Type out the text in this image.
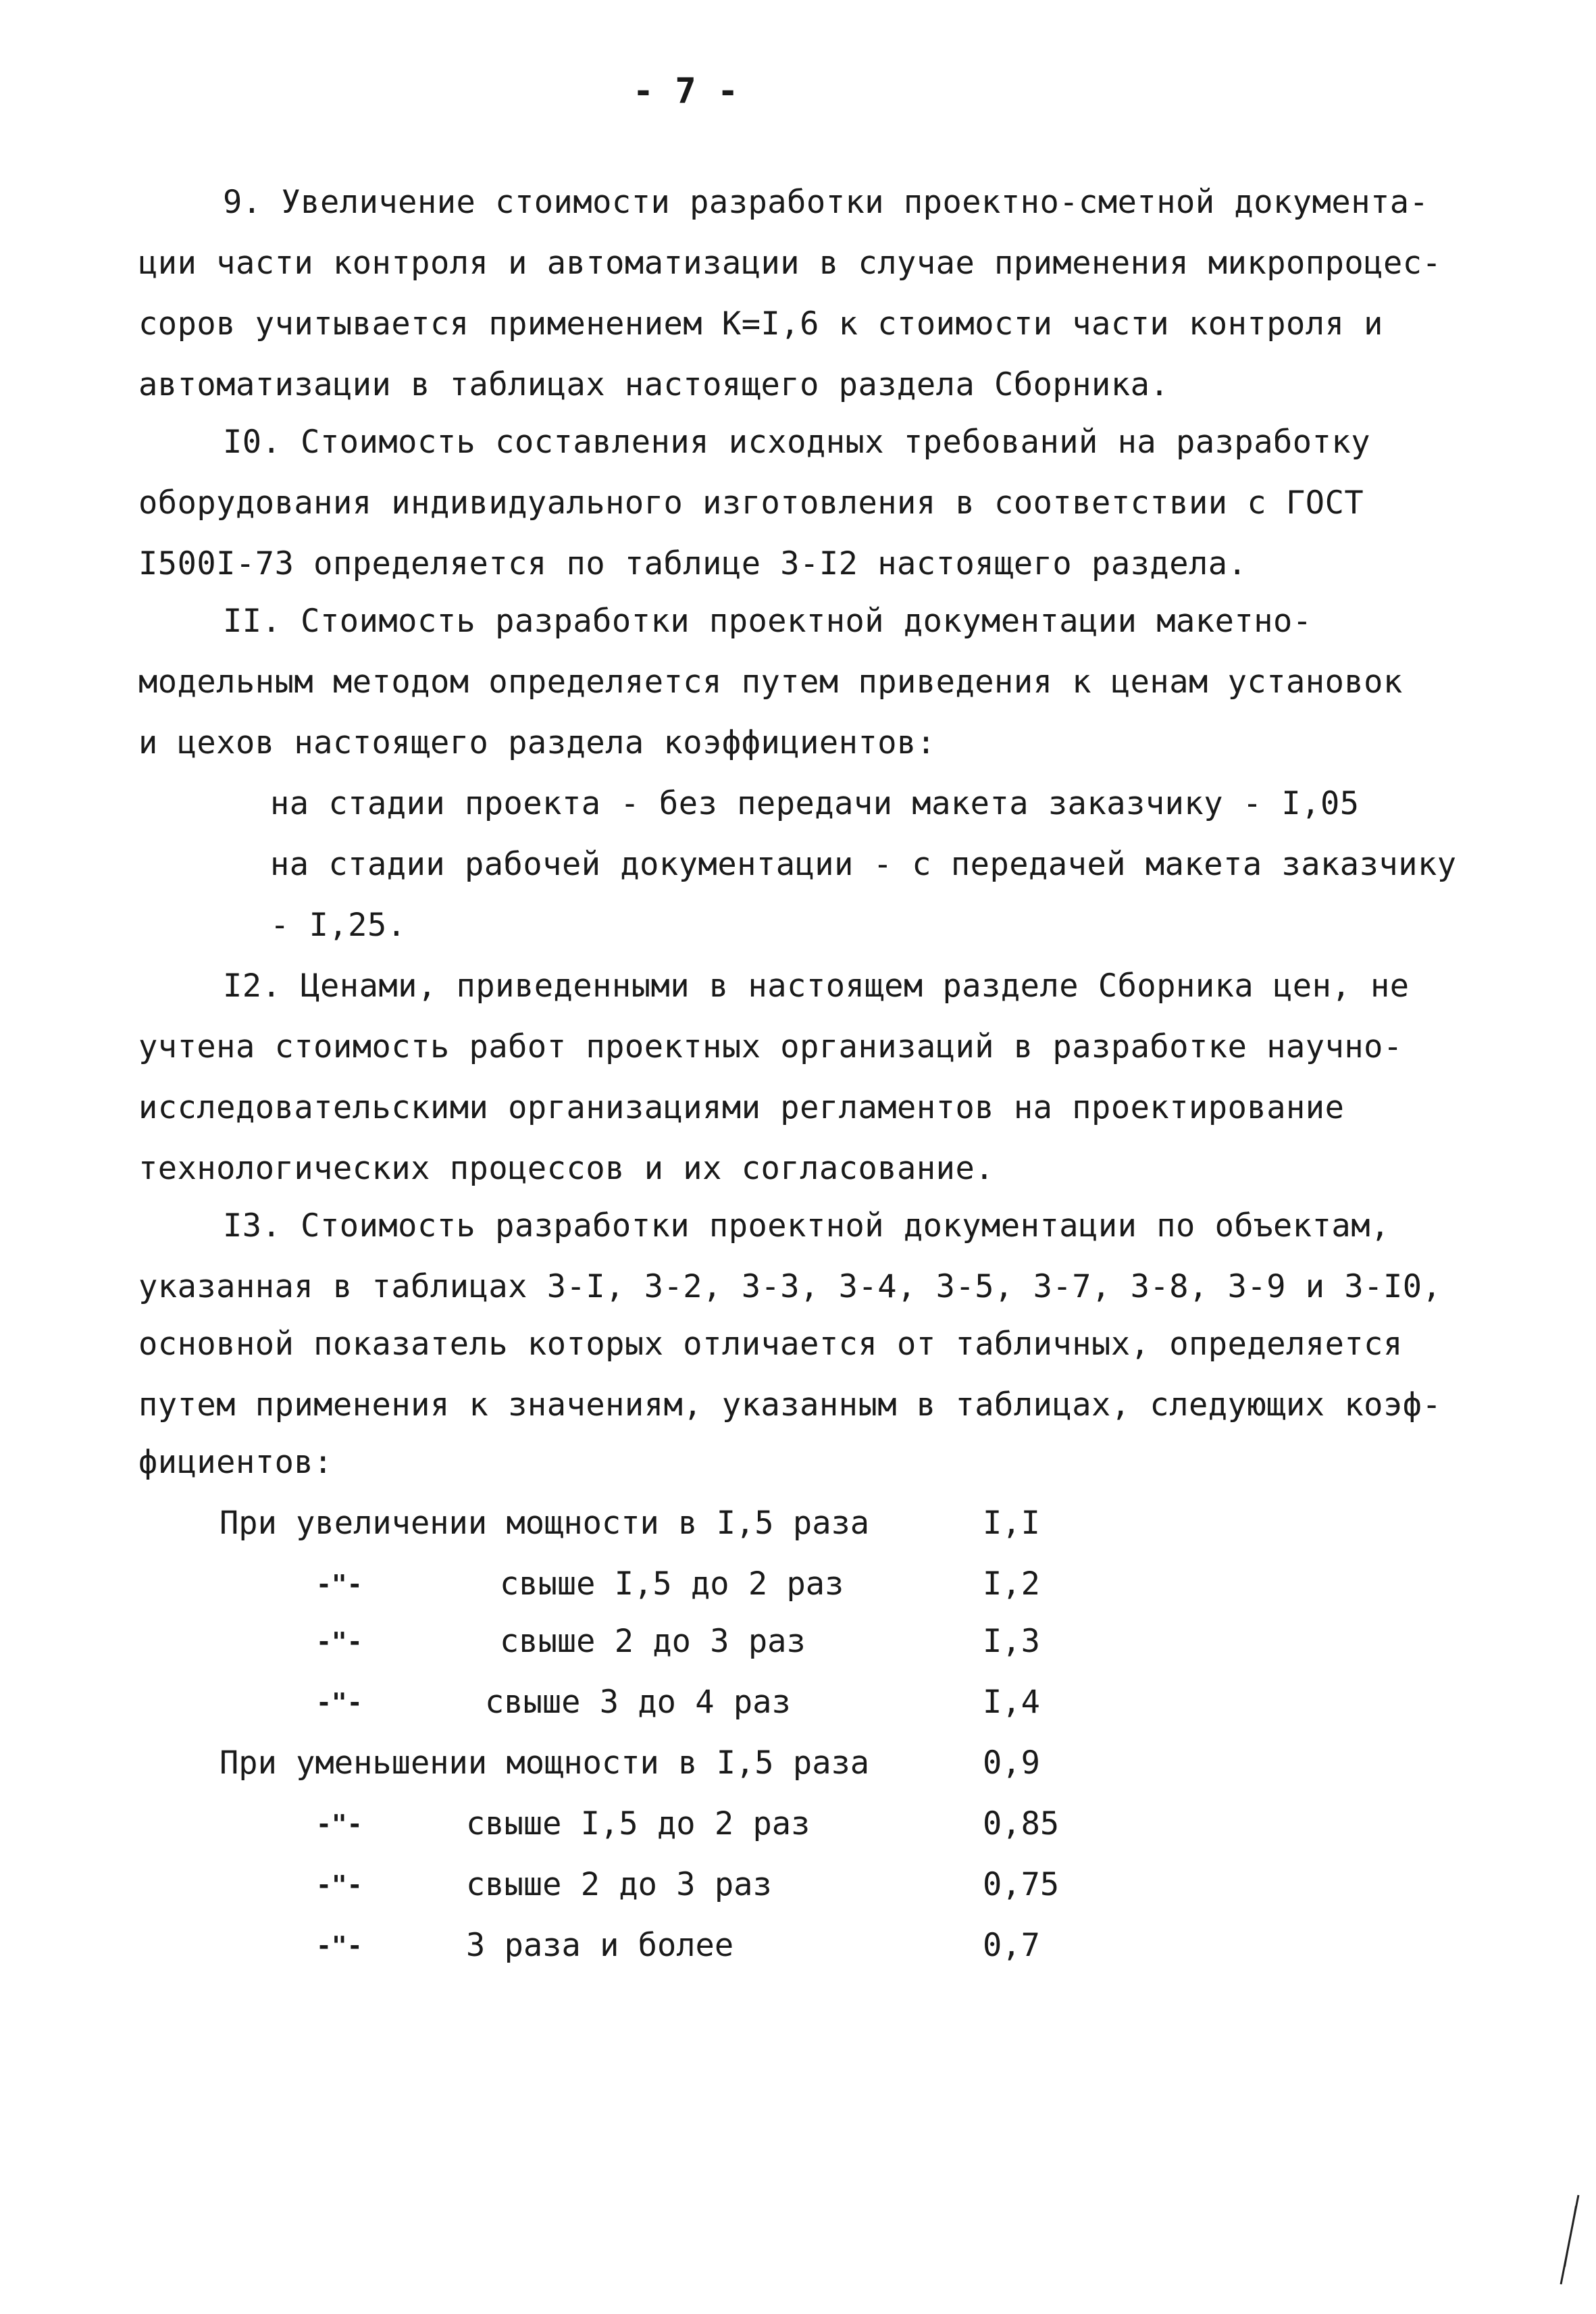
- 7 -
9. Увеличение стоимости разработки проектно-сметной документа-
ции части контроля и автоматизации в случае применения микропроцес-
соров учитывается применением К=I,6 к стоимости части контроля и
автоматизации в таблицах настоящего раздела Сборника.
I0. Стоимость составления исходных требований на разработку
оборудования индивидуального изготовления в соответствии с ГОСТ
I500I-73 определяется по таблице 3-I2 настоящего раздела.
II. Стоимость разработки проектной документации макетно-
модельным методом определяется путем приведения к ценам установок
и цехов настоящего раздела коэффициентов:
на стадии проекта - без передачи макета заказчику - I,05
на стадии рабочей документации - с передачей макета заказчику
- I,25.
I2. Ценами, приведенными в настоящем разделе Сборника цен, не
учтена стоимость работ проектных организаций в разработке научно-
исследовательскими организациями регламентов на проектирование
технологических процессов и их согласование.
I3. Стоимость разработки проектной документации по объектам,
указанная в таблицах 3-I, 3-2, 3-3, 3-4, 3-5, 3-7, 3-8, 3-9 и 3-I0,
основной показатель которых отличается от табличных, определяется
путем применения к значениям, указанным в таблицах, следующих коэф-
фициентов:
При увеличении мощности в I,5 раза	I,I
-"-	свыше I,5 до 2 раз	I,2
-"-	свыше 2 до 3 раз	I,3
-"-	свыше 3 до 4 раз	I,4
При уменьшении мощности в I,5 раза	0,9
-"-	свыше I,5 до 2 раз	0,85
-"-	свыше 2 до 3 раз	0,75
-"-	3 раза и более	0,7
